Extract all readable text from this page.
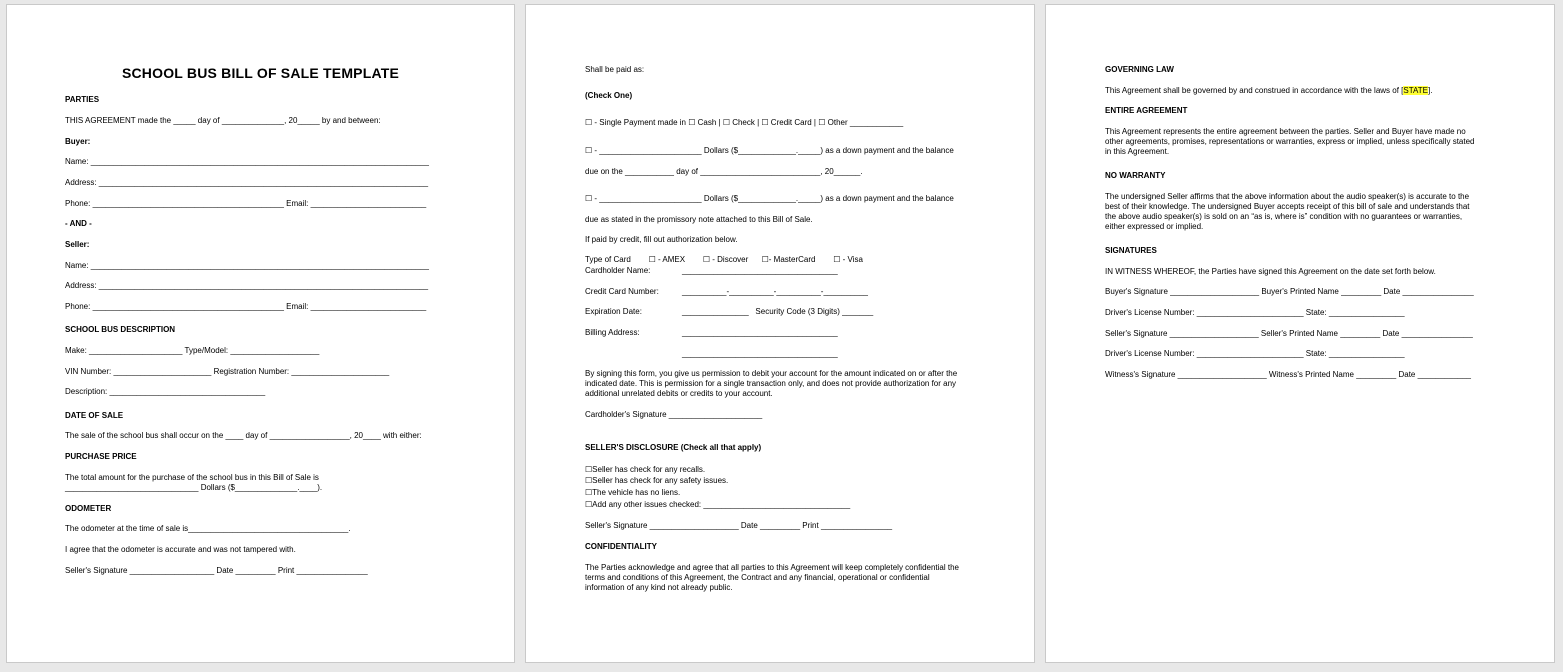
SCHOOL BUS BILL OF SALE TEMPLATE
PARTIES
THIS AGREEMENT made the _____ day of ______________, 20_____ by and between:
Buyer:
Name: ____________________________________________________________________________
Address: __________________________________________________________________________
Phone: ___________________________________________ Email: __________________________
- AND -
Seller:
Name: ____________________________________________________________________________
Address: __________________________________________________________________________
Phone: ___________________________________________ Email: __________________________
SCHOOL BUS DESCRIPTION
Make: _____________________ Type/Model: ____________________
VIN Number: ______________________ Registration Number: ______________________
Description: ___________________________________
DATE OF SALE
The sale of the school bus shall occur on the ____ day of __________________, 20____ with either:
PURCHASE PRICE
The total amount for the purchase of the school bus in this Bill of Sale is
______________________________ Dollars ($______________.____).
ODOMETER
The odometer at the time of sale is____________________________________.
I agree that the odometer is accurate and was not tampered with.
Seller's Signature ___________________ Date _________ Print ________________
Shall be paid as:
(Check One)
☐ - Single Payment made in ☐ Cash | ☐ Check | ☐ Credit Card | ☐ Other ____________
☐ - _______________________ Dollars ($_____________._____) as a down payment and the balance
due on the ___________ day of ___________________________, 20______.
☐ - _______________________ Dollars ($_____________._____) as a down payment and the balance
due as stated in the promissory note attached to this Bill of Sale.
If paid by credit, fill out authorization below.
Type of Card        ☐ - AMEX        ☐ - Discover      ☐- MasterCard        ☐ - Visa
Cardholder Name:	___________________________________
Credit Card Number:	__________-__________-__________-__________
Expiration Date:	_______________   Security Code (3 Digits) _______
Billing Address:	___________________________________
___________________________________
By signing this form, you give us permission to debit your account for the amount indicated on or after the
indicated date. This is permission for a single transaction only, and does not provide authorization for any
additional unrelated debits or credits to your account.
Cardholder's Signature _____________________
SELLER'S DISCLOSURE (Check all that apply)
☐Seller has check for any recalls.
☐Seller has check for any safety issues.
☐The vehicle has no liens.
☐Add any other issues checked: _________________________________
Seller's Signature ____________________ Date _________ Print ________________
CONFIDENTIALITY
The Parties acknowledge and agree that all parties to this Agreement will keep completely confidential the
terms and conditions of this Agreement, the Contract and any financial, operational or confidential
information of any kind not already public.
GOVERNING LAW
This Agreement shall be governed by and construed in accordance with the laws of [STATE].
ENTIRE AGREEMENT
This Agreement represents the entire agreement between the parties. Seller and Buyer have made no
other agreements, promises, representations or warranties, express or implied, unless specifically stated
in this Agreement.
NO WARRANTY
The undersigned Seller affirms that the above information about the audio speaker(s) is accurate to the
best of their knowledge. The undersigned Buyer accepts receipt of this bill of sale and understands that
the above audio speaker(s) is sold on an “as is, where is” condition with no guarantees or warranties,
either expressed or implied.
SIGNATURES
IN WITNESS WHEREOF, the Parties have signed this Agreement on the date set forth below.
Buyer's Signature ____________________ Buyer's Printed Name _________ Date ________________
Driver's License Number: ________________________ State: _________________
Seller's Signature ____________________ Seller's Printed Name _________ Date ________________
Driver's License Number: ________________________ State: _________________
Witness's Signature ____________________ Witness's Printed Name _________ Date ____________
